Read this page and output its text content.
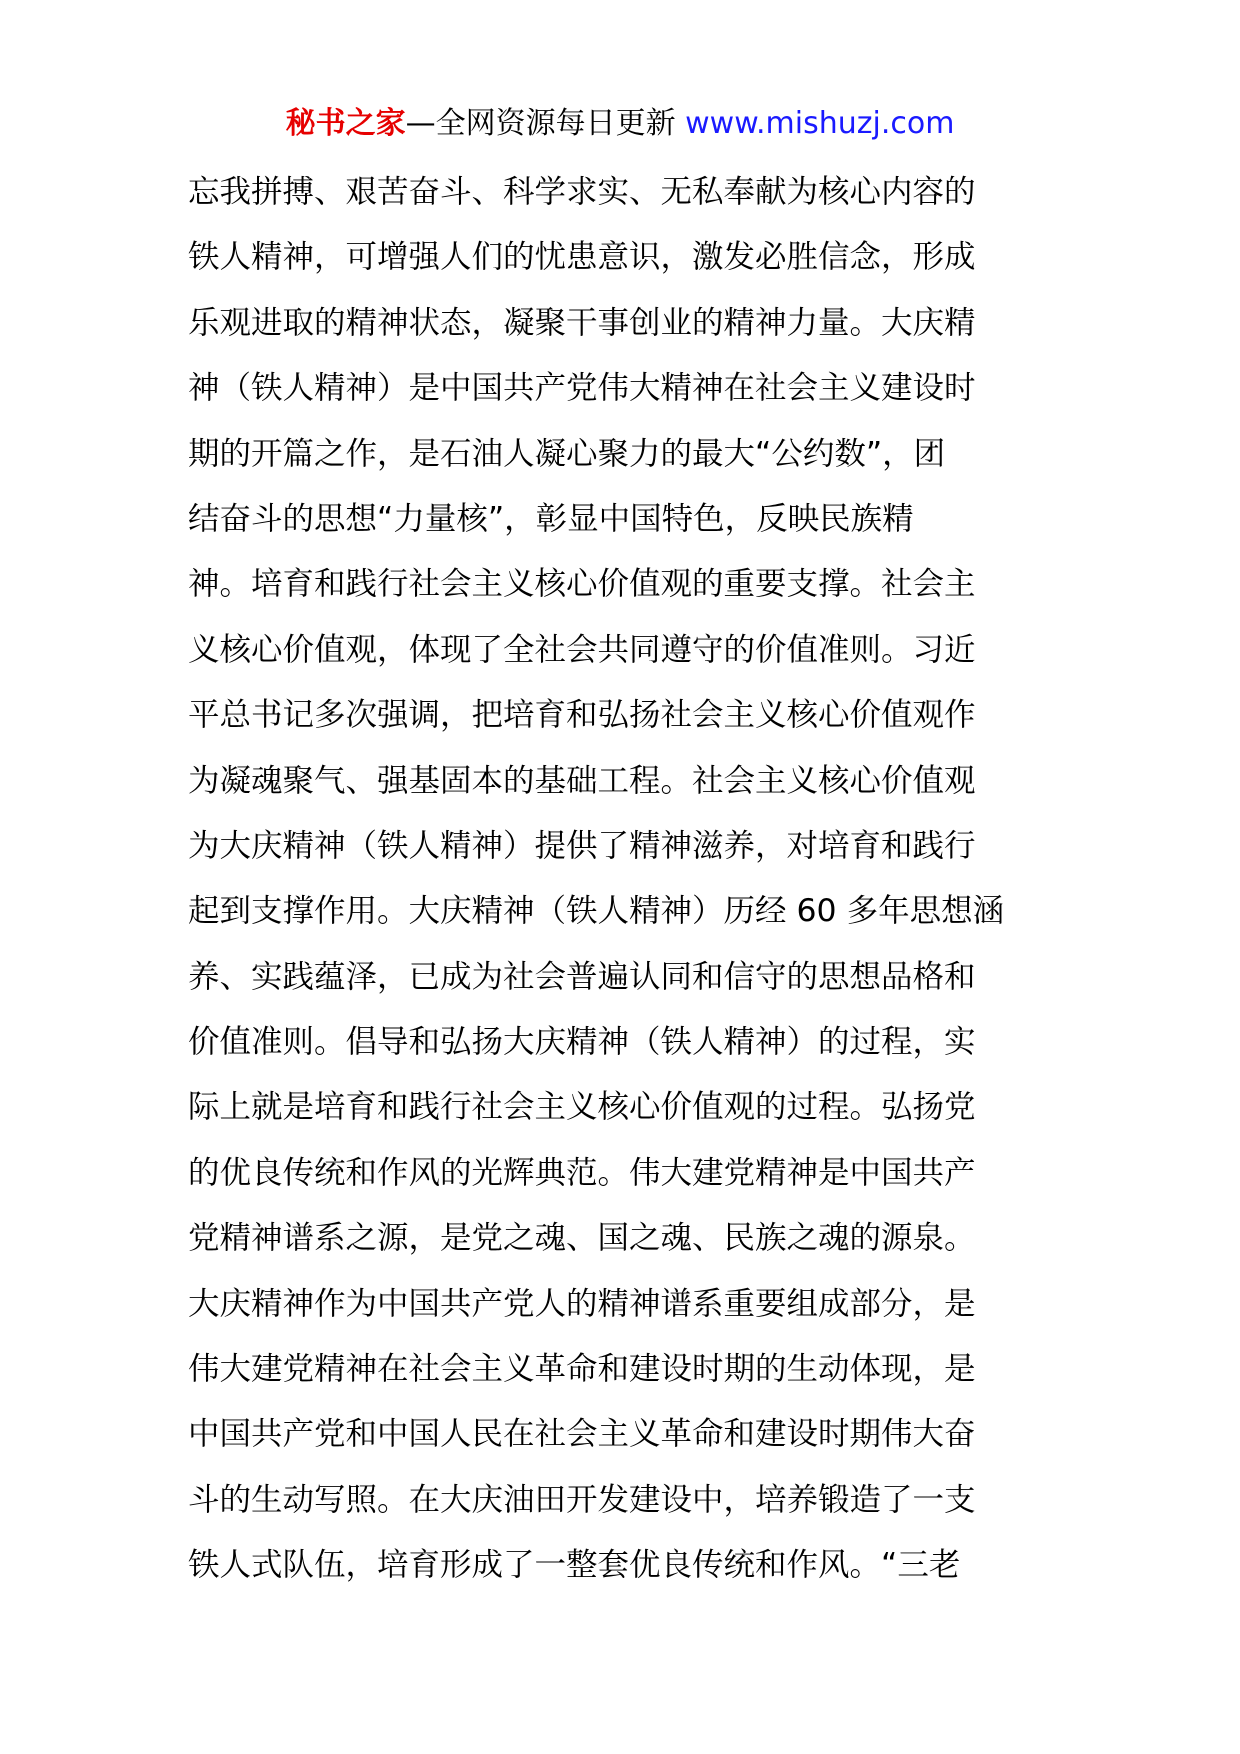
秘书之家—全网资源每日更新 www.mishuzj.com
忘我拼搏、艰苦奋斗、科学求实、无私奉献为核心内容的
铁人精神，可增强人们的忧患意识，激发必胜信念，形成
乐观进取的精神状态，凝聚干事创业的精神力量。大庆精
神（铁人精神）是中国共产党伟大精神在社会主义建设时
期的开篇之作，是石油人凝心聚力的最大“公约数”，团
结奋斗的思想“力量核”，彰显中国特色，反映民族精
神。培育和践行社会主义核心价值观的重要支撑。社会主
义核心价值观，体现了全社会共同遵守的价值准则。习近
平总书记多次强调，把培育和弘扬社会主义核心价值观作
为凝魂聚气、强基固本的基础工程。社会主义核心价值观
为大庆精神（铁人精神）提供了精神滋养，对培育和践行
起到支撑作用。大庆精神（铁人精神）历经 60 多年思想涵
养、实践蕴泽，已成为社会普遍认同和信守的思想品格和
价值准则。倡导和弘扬大庆精神（铁人精神）的过程，实
际上就是培育和践行社会主义核心价值观的过程。弘扬党
的优良传统和作风的光辉典范。伟大建党精神是中国共产
党精神谱系之源，是党之魂、国之魂、民族之魂的源泉。
大庆精神作为中国共产党人的精神谱系重要组成部分，是
伟大建党精神在社会主义革命和建设时期的生动体现，是
中国共产党和中国人民在社会主义革命和建设时期伟大奋
斗的生动写照。在大庆油田开发建设中，培养锻造了一支
铁人式队伍，培育形成了一整套优良传统和作风。“三老
